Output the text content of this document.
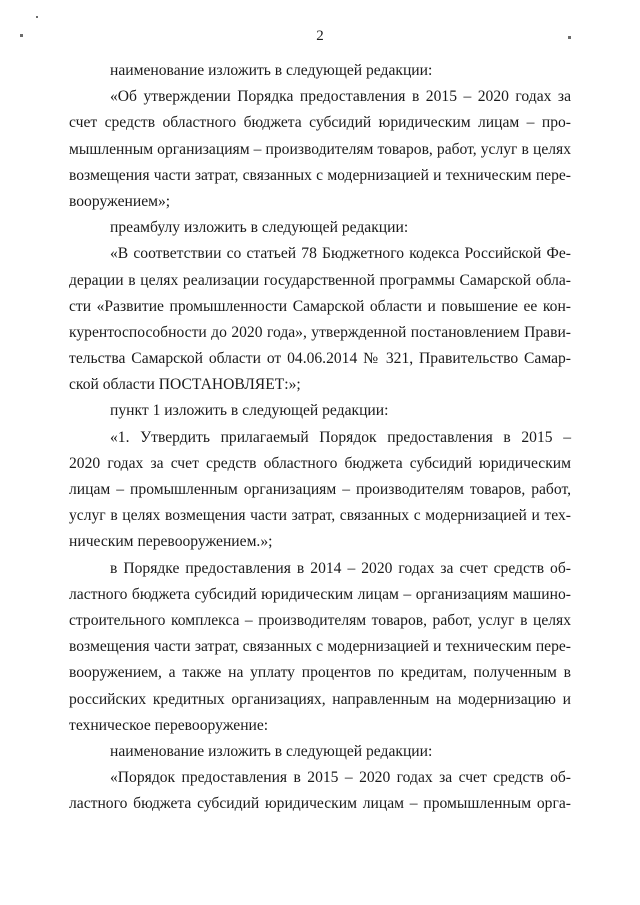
2
наименование изложить в следующей редакции:
«Об утверждении Порядка предоставления в 2015 – 2020 годах за
счет средств областного бюджета субсидий юридическим лицам – про-
мышленным организациям – производителям товаров, работ, услуг в целях
возмещения части затрат, связанных с модернизацией и техническим пере-
вооружением»;
преамбулу изложить в следующей редакции:
«В соответствии со статьей 78 Бюджетного кодекса Российской Фе-
дерации в целях реализации государственной программы Самарской обла-
сти «Развитие промышленности Самарской области и повышение ее кон-
курентоспособности до 2020 года», утвержденной постановлением Прави-
тельства Самарской области от 04.06.2014 № 321, Правительство Самар-
ской области ПОСТАНОВЛЯЕТ:»;
пункт 1 изложить в следующей редакции:
«1. Утвердить прилагаемый Порядок предоставления в 2015 –
2020 годах за счет средств областного бюджета субсидий юридическим
лицам – промышленным организациям – производителям товаров, работ,
услуг в целях возмещения части затрат, связанных с модернизацией и тех-
ническим перевооружением.»;
в Порядке предоставления в 2014 – 2020 годах за счет средств об-
ластного бюджета субсидий юридическим лицам – организациям машино-
строительного комплекса – производителям товаров, работ, услуг в целях
возмещения части затрат, связанных с модернизацией и техническим пере-
вооружением, а также на уплату процентов по кредитам, полученным в
российских кредитных организациях, направленным на модернизацию и
техническое перевооружение:
наименование изложить в следующей редакции:
«Порядок предоставления в 2015 – 2020 годах за счет средств об-
ластного бюджета субсидий юридическим лицам – промышленным орга-
